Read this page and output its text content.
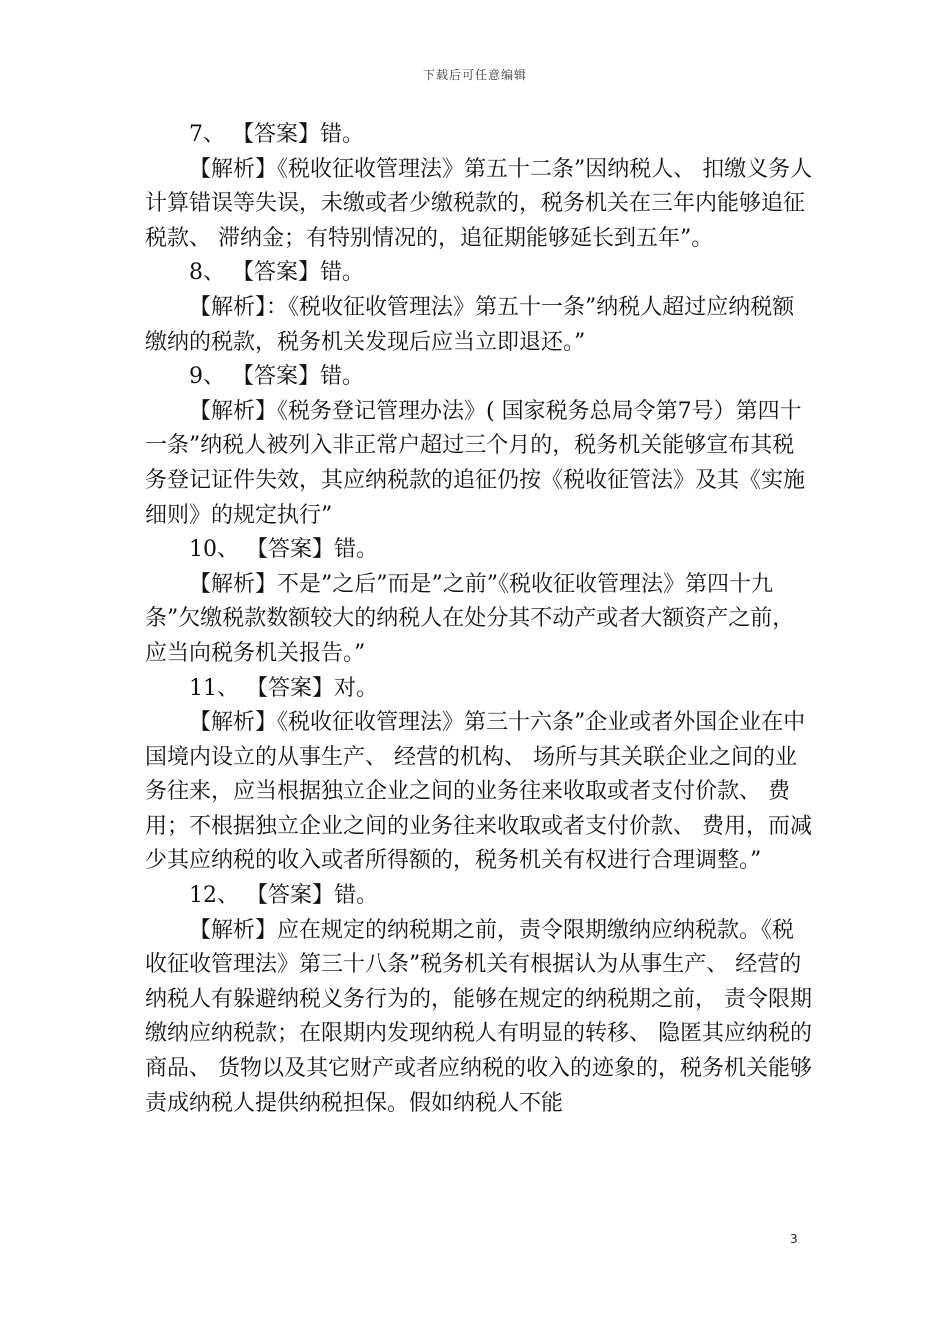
下载后可任意编辑

7、 【答案】错。

【解析】《税收征收管理法》第五十二条”因纳税人、 扣缴义务人计算错误等失误，未缴或者少缴税款的，税务机关在三年内能够追征税款、 滞纳金；有特别情况的，追征期能够延长到五年”。

8、 【答案】错。

【解析】：《税收征收管理法》第五十一条”纳税人超过应纳税额缴纳的税款，税务机关发现后应当立即退还。”

9、 【答案】错。

【解析】《税务登记管理办法》( 国家税务总局令第7号）第四十一条”纳税人被列入非正常户超过三个月的，税务机关能够宣布其税务登记证件失效，其应纳税款的追征仍按《税收征管法》及其《实施细则》的规定执行”

10、 【答案】错。

【解析】不是”之后”而是”之前”《税收征收管理法》第四十九条”欠缴税款数额较大的纳税人在处分其不动产或者大额资产之前，应当向税务机关报告。”

11、 【答案】对。

【解析】《税收征收管理法》第三十六条”企业或者外国企业在中国境内设立的从事生产、 经营的机构、 场所与其关联企业之间的业务往来，应当根据独立企业之间的业务往来收取或者支付价款、 费用；不根据独立企业之间的业务往来收取或者支付价款、 费用，而减少其应纳税的收入或者所得额的，税务机关有权进行合理调整。”

12、 【答案】错。

【解析】应在规定的纳税期之前，责令限期缴纳应纳税款。《税收征收管理法》第三十八条”税务机关有根据认为从事生产、 经营的纳税人有躲避纳税义务行为的，能够在规定的纳税期之前， 责令限期缴纳应纳税款；在限期内发现纳税人有明显的转移、 隐匿其应纳税的商品、 货物以及其它财产或者应纳税的收入的迹象的，税务机关能够责成纳税人提供纳税担保。假如纳税人不能

3
